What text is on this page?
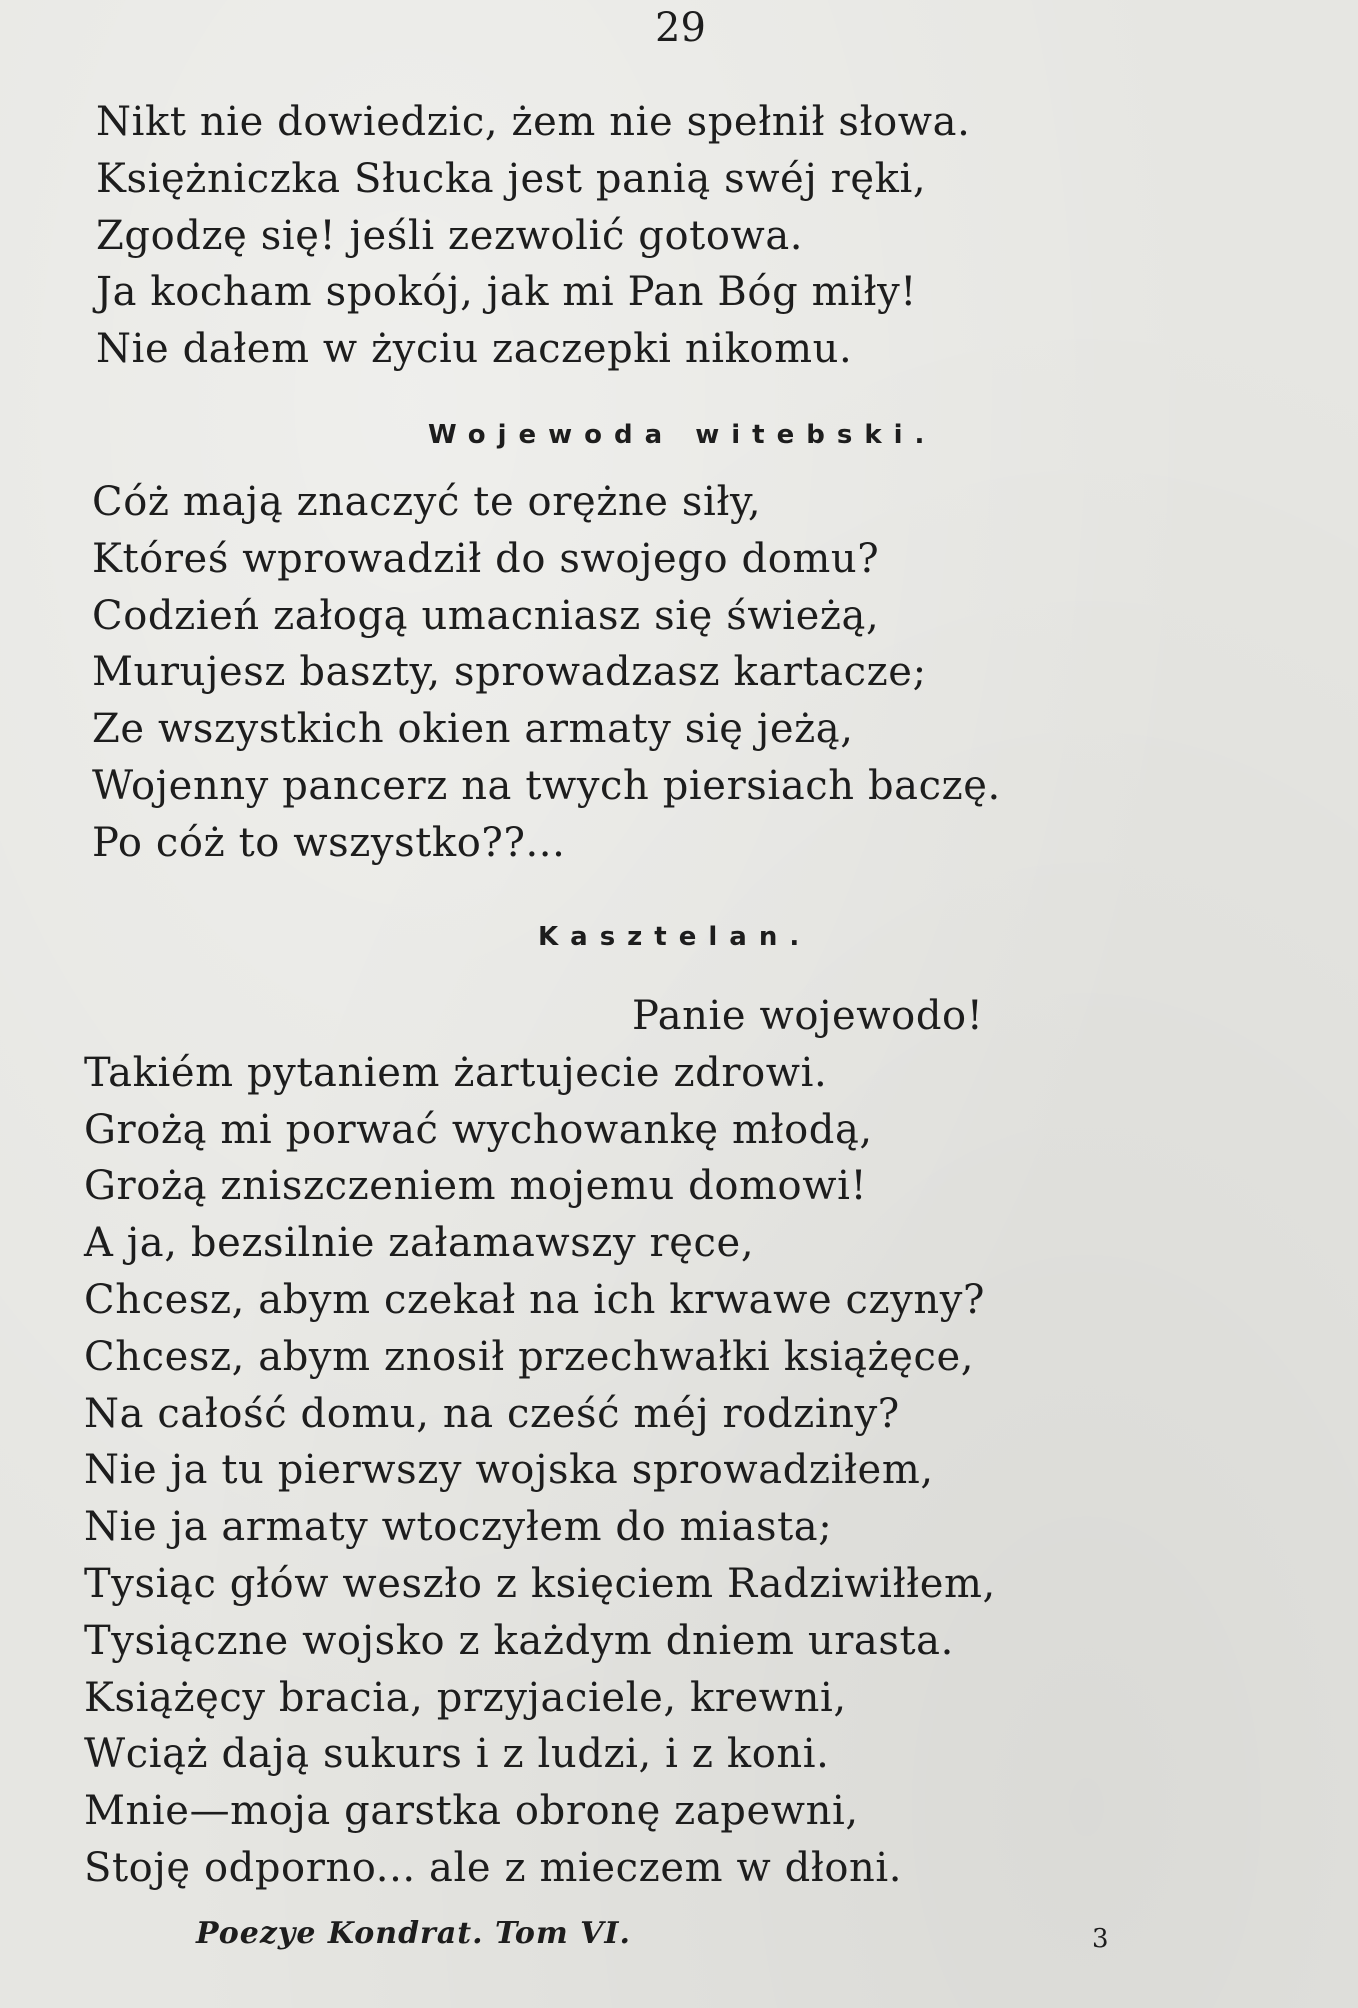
29
Nikt nie dowiedzic, żem nie spełnił słowa.
Księżniczka Słucka jest panią swéj ręki,
Zgodzę się! jeśli zezwolić gotowa.
Ja kocham spokój, jak mi Pan Bóg miły!
Nie dałem w życiu zaczepki nikomu.
Wojewoda witebski.
Cóż mają znaczyć te orężne siły,
Któreś wprowadził do swojego domu?
Codzień załogą umacniasz się świeżą,
Murujesz baszty, sprowadzasz kartacze;
Ze wszystkich okien armaty się jeżą,
Wojenny pancerz na twych piersiach baczę.
Po cóż to wszystko??...
Kasztelan.
Panie wojewodo!
Takiém pytaniem żartujecie zdrowi.
Grożą mi porwać wychowankę młodą,
Grożą zniszczeniem mojemu domowi!
A ja, bezsilnie załamawszy ręce,
Chcesz, abym czekał na ich krwawe czyny?
Chcesz, abym znosił przechwałki książęce,
Na całość domu, na cześć méj rodziny?
Nie ja tu pierwszy wojska sprowadziłem,
Nie ja armaty wtoczyłem do miasta;
Tysiąc głów weszło z księciem Radziwiłłem,
Tysiączne wojsko z każdym dniem urasta.
Książęcy bracia, przyjaciele, krewni,
Wciąż dają sukurs i z ludzi, i z koni.
Mnie—moja garstka obronę zapewni,
Stoję odporno... ale z mieczem w dłoni.
Poezye Kondrat. Tom VI.	3
